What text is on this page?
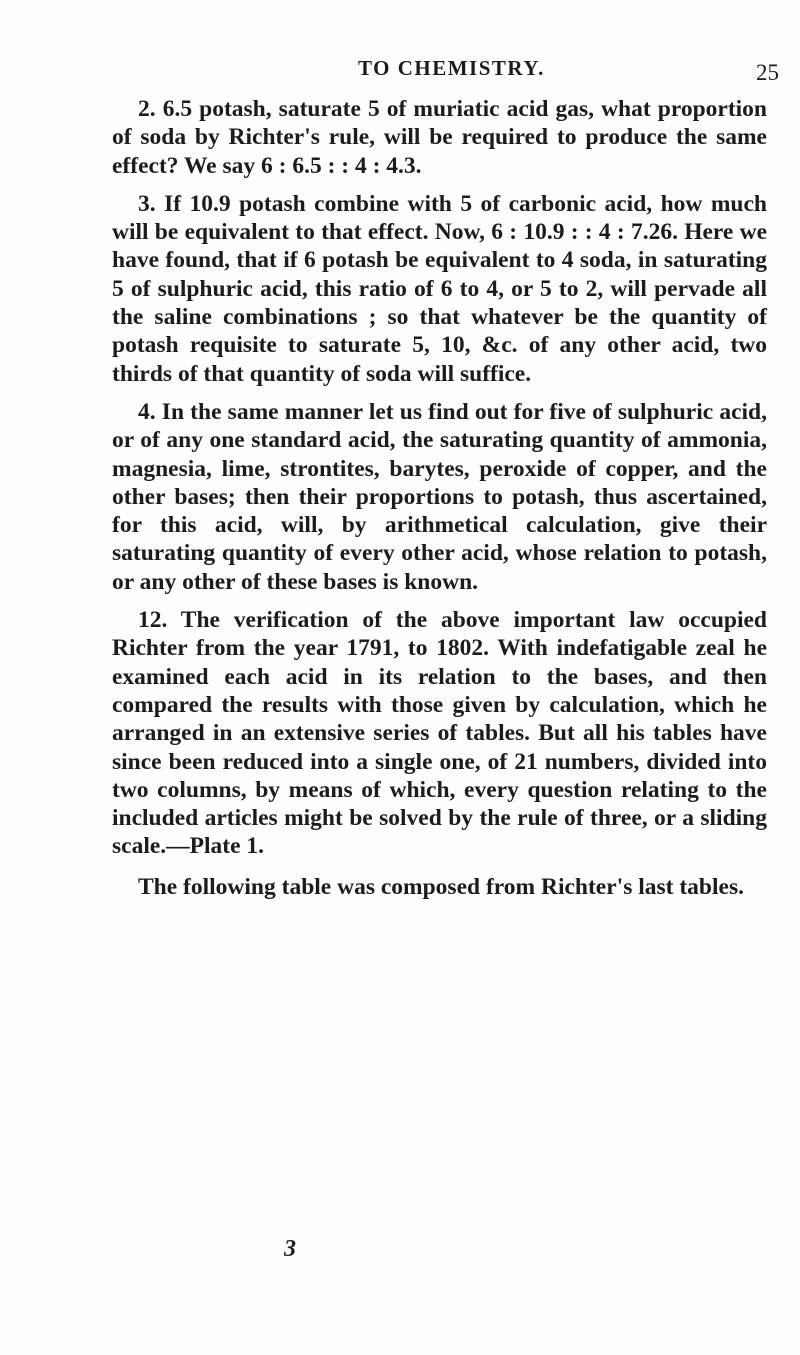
TO CHEMISTRY.	25

2. 6.5 potash, saturate 5 of muriatic acid gas, what proportion of soda by Richter's rule, will be required to produce the same effect? We say 6 : 6.5 : : 4 : 4.3.

3. If 10.9 potash combine with 5 of carbonic acid, how much will be equivalent to that effect. Now, 6 : 10.9 : : 4 : 7.26. Here we have found, that if 6 potash be equivalent to 4 soda, in saturating 5 of sulphuric acid, this ratio of 6 to 4, or 5 to 2, will pervade all the saline combinations ; so that whatever be the quantity of potash requisite to saturate 5, 10, &c. of any other acid, two thirds of that quantity of soda will suffice.

4. In the same manner let us find out for five of sulphuric acid, or of any one standard acid, the saturating quantity of ammonia, magnesia, lime, strontites, barytes, peroxide of copper, and the other bases; then their proportions to potash, thus ascertained, for this acid, will, by arithmetical calculation, give their saturating quantity of every other acid, whose relation to potash, or any other of these bases is known.

12. The verification of the above important law occupied Richter from the year 1791, to 1802. With indefatigable zeal he examined each acid in its relation to the bases, and then compared the results with those given by calculation, which he arranged in an extensive series of tables. But all his tables have since been reduced into a single one, of 21 numbers, divided into two columns, by means of which, every question relating to the included articles might be solved by the rule of three, or a sliding scale.—Plate 1.

The following table was composed from Richter's last tables.

3
